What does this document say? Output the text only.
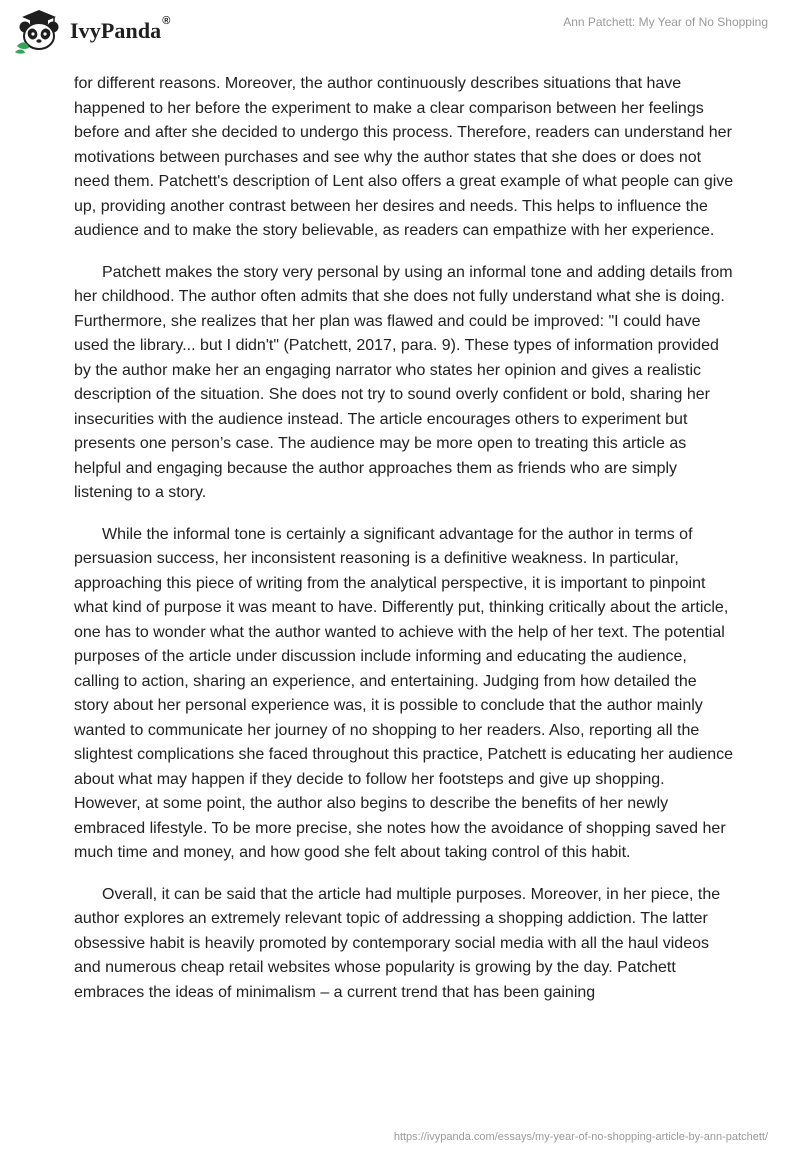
IvyPanda®	Ann Patchett: My Year of No Shopping

for different reasons. Moreover, the author continuously describes situations that have happened to her before the experiment to make a clear comparison between her feelings before and after she decided to undergo this process. Therefore, readers can understand her motivations between purchases and see why the author states that she does or does not need them. Patchett's description of Lent also offers a great example of what people can give up, providing another contrast between her desires and needs. This helps to influence the audience and to make the story believable, as readers can empathize with her experience.

Patchett makes the story very personal by using an informal tone and adding details from her childhood. The author often admits that she does not fully understand what she is doing. Furthermore, she realizes that her plan was flawed and could be improved: "I could have used the library... but I didn't" (Patchett, 2017, para. 9). These types of information provided by the author make her an engaging narrator who states her opinion and gives a realistic description of the situation. She does not try to sound overly confident or bold, sharing her insecurities with the audience instead. The article encourages others to experiment but presents one person’s case. The audience may be more open to treating this article as helpful and engaging because the author approaches them as friends who are simply listening to a story.

While the informal tone is certainly a significant advantage for the author in terms of persuasion success, her inconsistent reasoning is a definitive weakness. In particular, approaching this piece of writing from the analytical perspective, it is important to pinpoint what kind of purpose it was meant to have. Differently put, thinking critically about the article, one has to wonder what the author wanted to achieve with the help of her text. The potential purposes of the article under discussion include informing and educating the audience, calling to action, sharing an experience, and entertaining. Judging from how detailed the story about her personal experience was, it is possible to conclude that the author mainly wanted to communicate her journey of no shopping to her readers. Also, reporting all the slightest complications she faced throughout this practice, Patchett is educating her audience about what may happen if they decide to follow her footsteps and give up shopping. However, at some point, the author also begins to describe the benefits of her newly embraced lifestyle. To be more precise, she notes how the avoidance of shopping saved her much time and money, and how good she felt about taking control of this habit.

Overall, it can be said that the article had multiple purposes. Moreover, in her piece, the author explores an extremely relevant topic of addressing a shopping addiction. The latter obsessive habit is heavily promoted by contemporary social media with all the haul videos and numerous cheap retail websites whose popularity is growing by the day. Patchett embraces the ideas of minimalism – a current trend that has been gaining

https://ivypanda.com/essays/my-year-of-no-shopping-article-by-ann-patchett/
